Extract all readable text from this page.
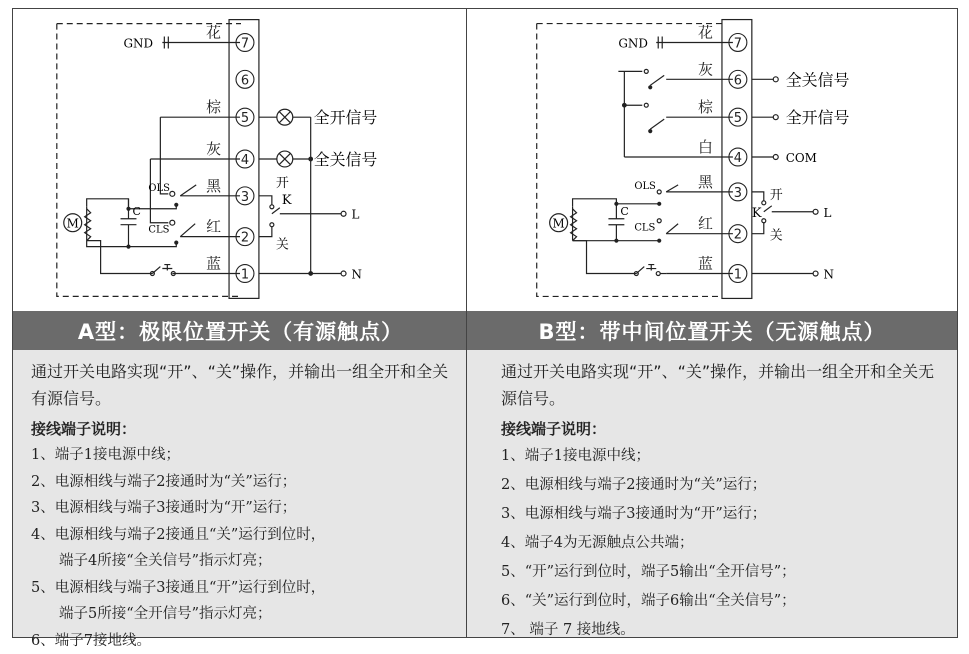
7
6
5
4
3
2
1
花
棕
灰
黑
红
蓝
GND
全开信号
全关信号
M
C
OLS
CLS
开
K
关
L
N
A型：极限位置开关（有源触点）

通过开关电路实现“开”、“关”操作，并输出一组全开和全关有源信号。

接线端子说明：

1、端子1接电源中线；

2、电源相线与端子2接通时为“关”运行；

3、电源相线与端子3接通时为“开”运行；

4、电源相线与端子2接通且“关”运行到位时，

端子4所接“全关信号”指示灯亮；

5、电源相线与端子3接通且“开”运行到位时，

端子5所接“全开信号”指示灯亮；

6、端子7接地线。

7
6
5
4
3
2
1
花
灰
棕
白
黑
红
蓝
GND
全关信号
全开信号
COM
M
C
OLS
CLS
开
K
关
L
N
B型：带中间位置开关（无源触点）

通过开关电路实现“开”、“关”操作，并输出一组全开和全关无源信号。

接线端子说明：

1、端子1接电源中线；

2、电源相线与端子2接通时为“关”运行；

3、电源相线与端子3接通时为“开”运行；

4、端子4为无源触点公共端；

5、“开”运行到位时，端子5输出“全开信号”；

6、“关”运行到位时，端子6输出“全关信号”；

7、 端子 7 接地线。
